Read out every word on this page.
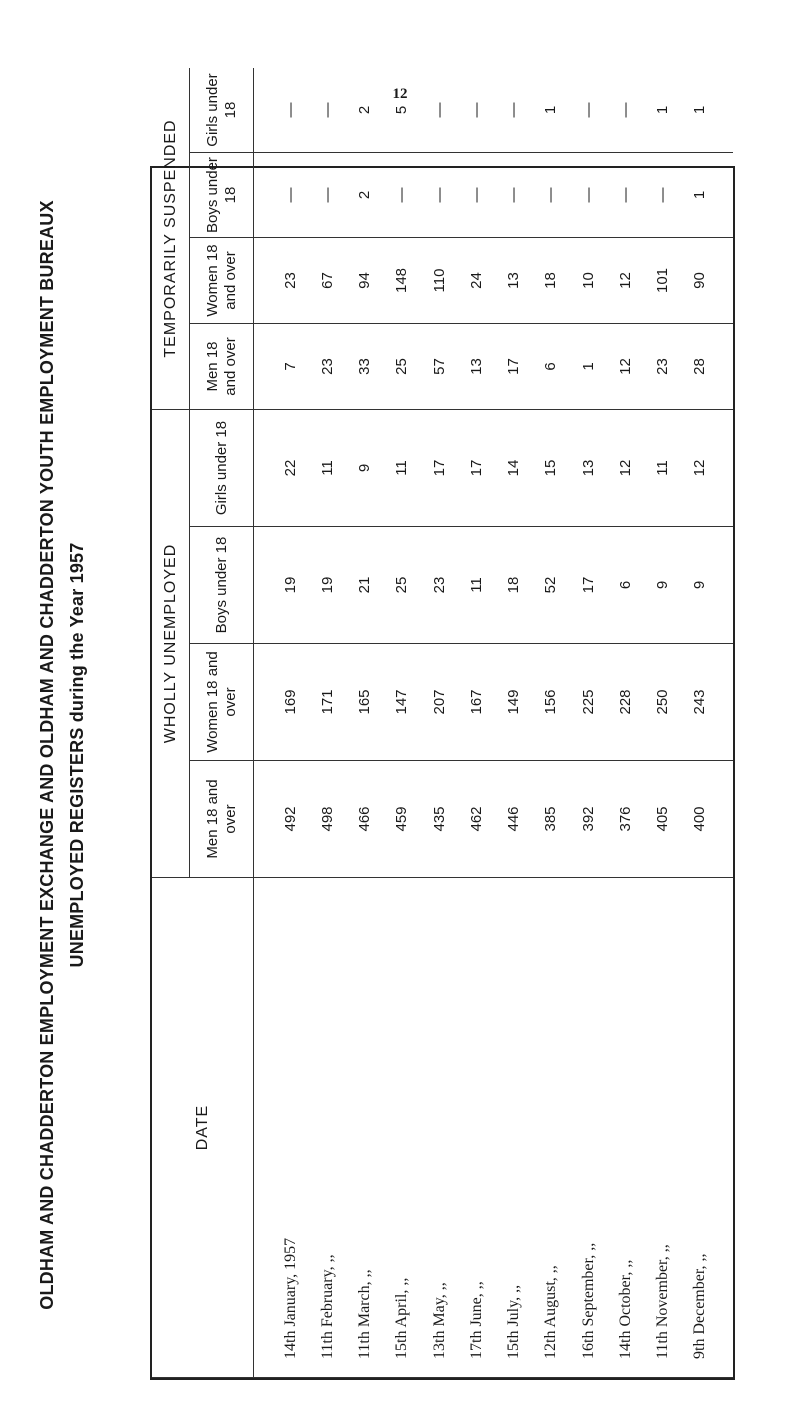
12
OLDHAM AND CHADDERTON EMPLOYMENT EXCHANGE AND OLDHAM AND CHADDERTON YOUTH EMPLOYMENT BUREAUX UNEMPLOYED REGISTERS during the Year 1957
DATE
WHOLLY UNEMPLOYED
TEMPORARILY SUSPENDED
Men 18 and over
Women 18 and over
Boys under 18
Girls under 18
Men 18 and over
Women 18 and over
Boys under 18
Girls under 18
14th January, 1957 11th February, ,, 11th March, ,, 15th April, ,, 13th May, ,, 17th June, ,, 15th July, ,, 12th August, ,, 16th September, ,, 14th October, ,, 11th November, ,, 9th December, ,,
492 498 466 459 435 462 446 385 392 376 405 400
169 171 165 147 207 167 149 156 225 228 250 243
19 19 21 25 23 11 18 52 17 6 9 9
22 11 9 11 17 17 14 15 13 12 11 12
7 23 33 25 57 13 17 6 1 12 23 28
23 67 94 148 110 24 13 18 10 12 101 90
— — 2 — — — — — — — — 1
— — 2 5 — — — 1 — — 1 1
